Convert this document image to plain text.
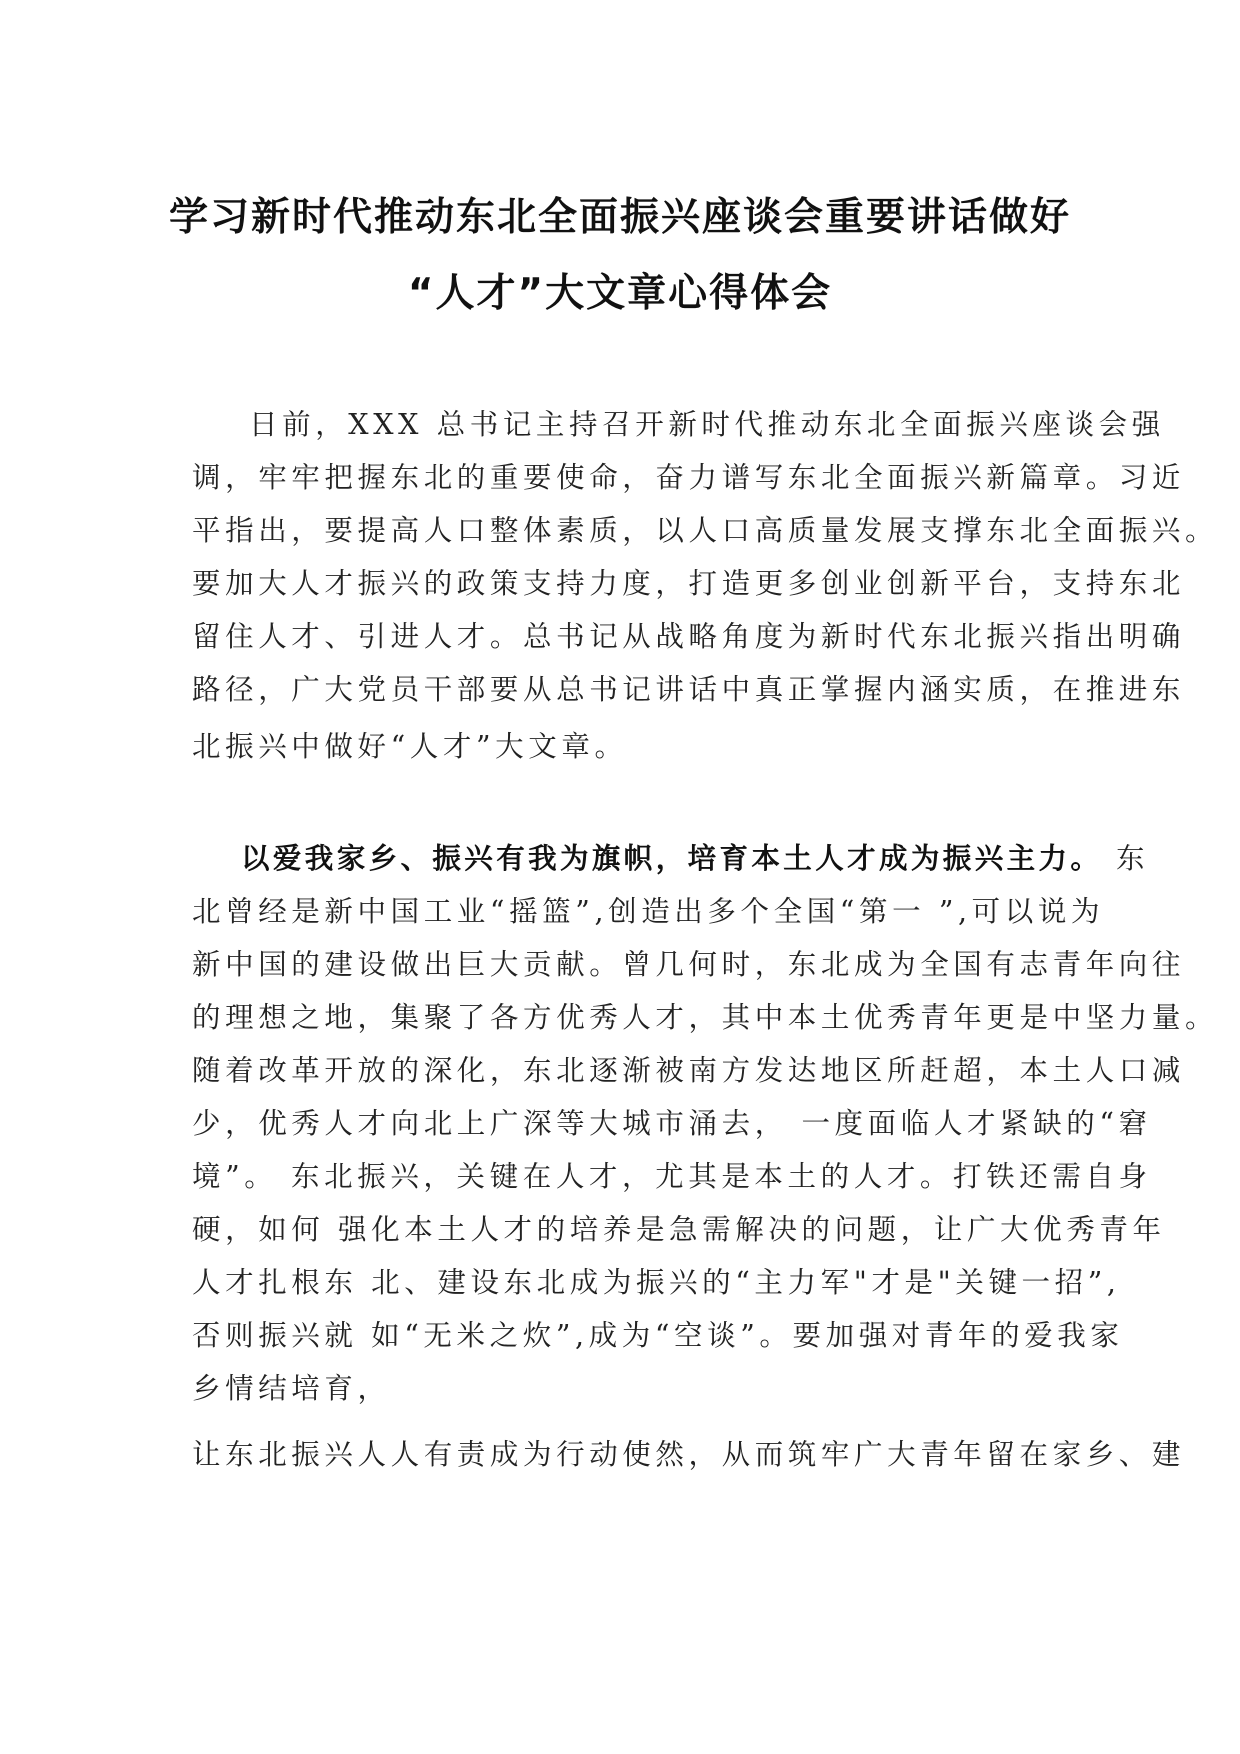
学习新时代推动东北全面振兴座谈会重要讲话做好
“人才”大文章心得体会
日前，XXX 总书记主持召开新时代推动东北全面振兴座谈会强
调，牢牢把握东北的重要使命，奋力谱写东北全面振兴新篇章。习近
平指出，要提高人口整体素质，以人口高质量发展支撑东北全面振兴。
要加大人才振兴的政策支持力度，打造更多创业创新平台，支持东北
留住人才、引进人才。总书记从战略角度为新时代东北振兴指出明确
路径，广大党员干部要从总书记讲话中真正掌握内涵实质，在推进东
北振兴中做好“人才”大文章。
以爱我家乡、振兴有我为旗帜，培育本土人才成为振兴主力。 东
北曾经是新中国工业“摇篮”,创造出多个全国“第一 ”,可以说为
新中国的建设做出巨大贡献。曾几何时，东北成为全国有志青年向往
的理想之地，集聚了各方优秀人才，其中本土优秀青年更是中坚力量。
随着改革开放的深化，东北逐渐被南方发达地区所赶超，本土人口减
少，优秀人才向北上广深等大城市涌去， 一度面临人才紧缺的“窘
境”。 东北振兴，关键在人才，尤其是本土的人才。打铁还需自身
硬，如何 强化本土人才的培养是急需解决的问题，让广大优秀青年
人才扎根东 北、建设东北成为振兴的“主力军"才是"关键一招”,
否则振兴就 如“无米之炊”,成为“空谈”。要加强对青年的爱我家
乡情结培育，
让东北振兴人人有责成为行动使然，从而筑牢广大青年留在家乡、建
